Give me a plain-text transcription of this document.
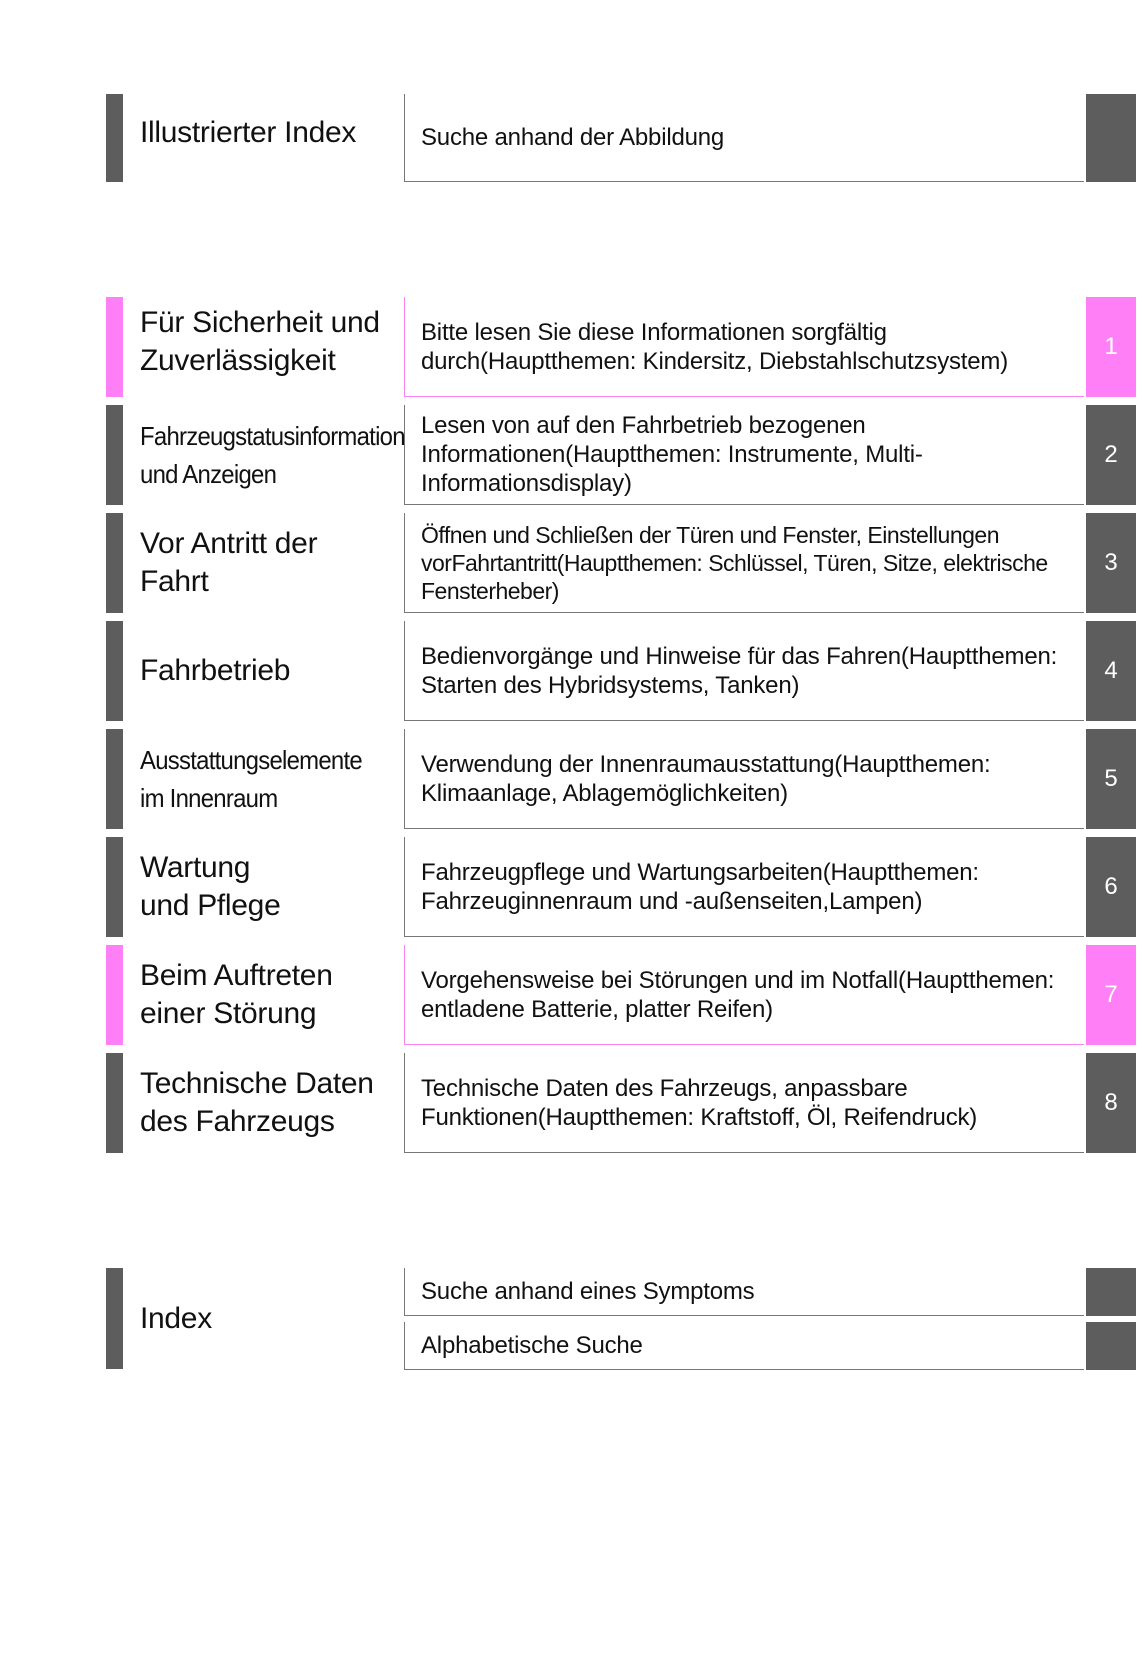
Illustrierter Index	Suche anhand der Abbildung
Für Sicherheit und
Zuverlässigkeit
Bitte lesen Sie diese Informationen sorgfältig durch(Hauptthemen: Kindersitz, Diebstahlschutzsystem)
1
Fahrzeugstatusinformation
und Anzeigen
Lesen von auf den Fahrbetrieb bezogenen Informationen(Hauptthemen: Instrumente, Multi-Informationsdisplay)
2
Vor Antritt der
Fahrt
Öffnen und Schließen der Türen und Fenster, Einstellungen vorFahrtantritt(Hauptthemen: Schlüssel, Türen, Sitze, elektrische Fensterheber)
3
Fahrbetrieb	Bedienvorgänge und Hinweise für das Fahren(Hauptthemen: Starten des Hybridsystems, Tanken)
4
Ausstattungselemente
im Innenraum
Verwendung der Innenraumausstattung(Hauptthemen: Klimaanlage, Ablagemöglichkeiten)
5
Wartung
und Pflege
Fahrzeugpflege und Wartungsarbeiten(Hauptthemen: Fahrzeuginnenraum und -außenseiten,Lampen)
6
Beim Auftreten
einer Störung
Vorgehensweise bei Störungen und im Notfall(Hauptthemen: entladene Batterie, platter Reifen)
7
Technische Daten
des Fahrzeugs
Technische Daten des Fahrzeugs, anpassbare Funktionen(Hauptthemen: Kraftstoff, Öl, Reifendruck)
8
Index
Suche anhand eines Symptoms
Alphabetische Suche
